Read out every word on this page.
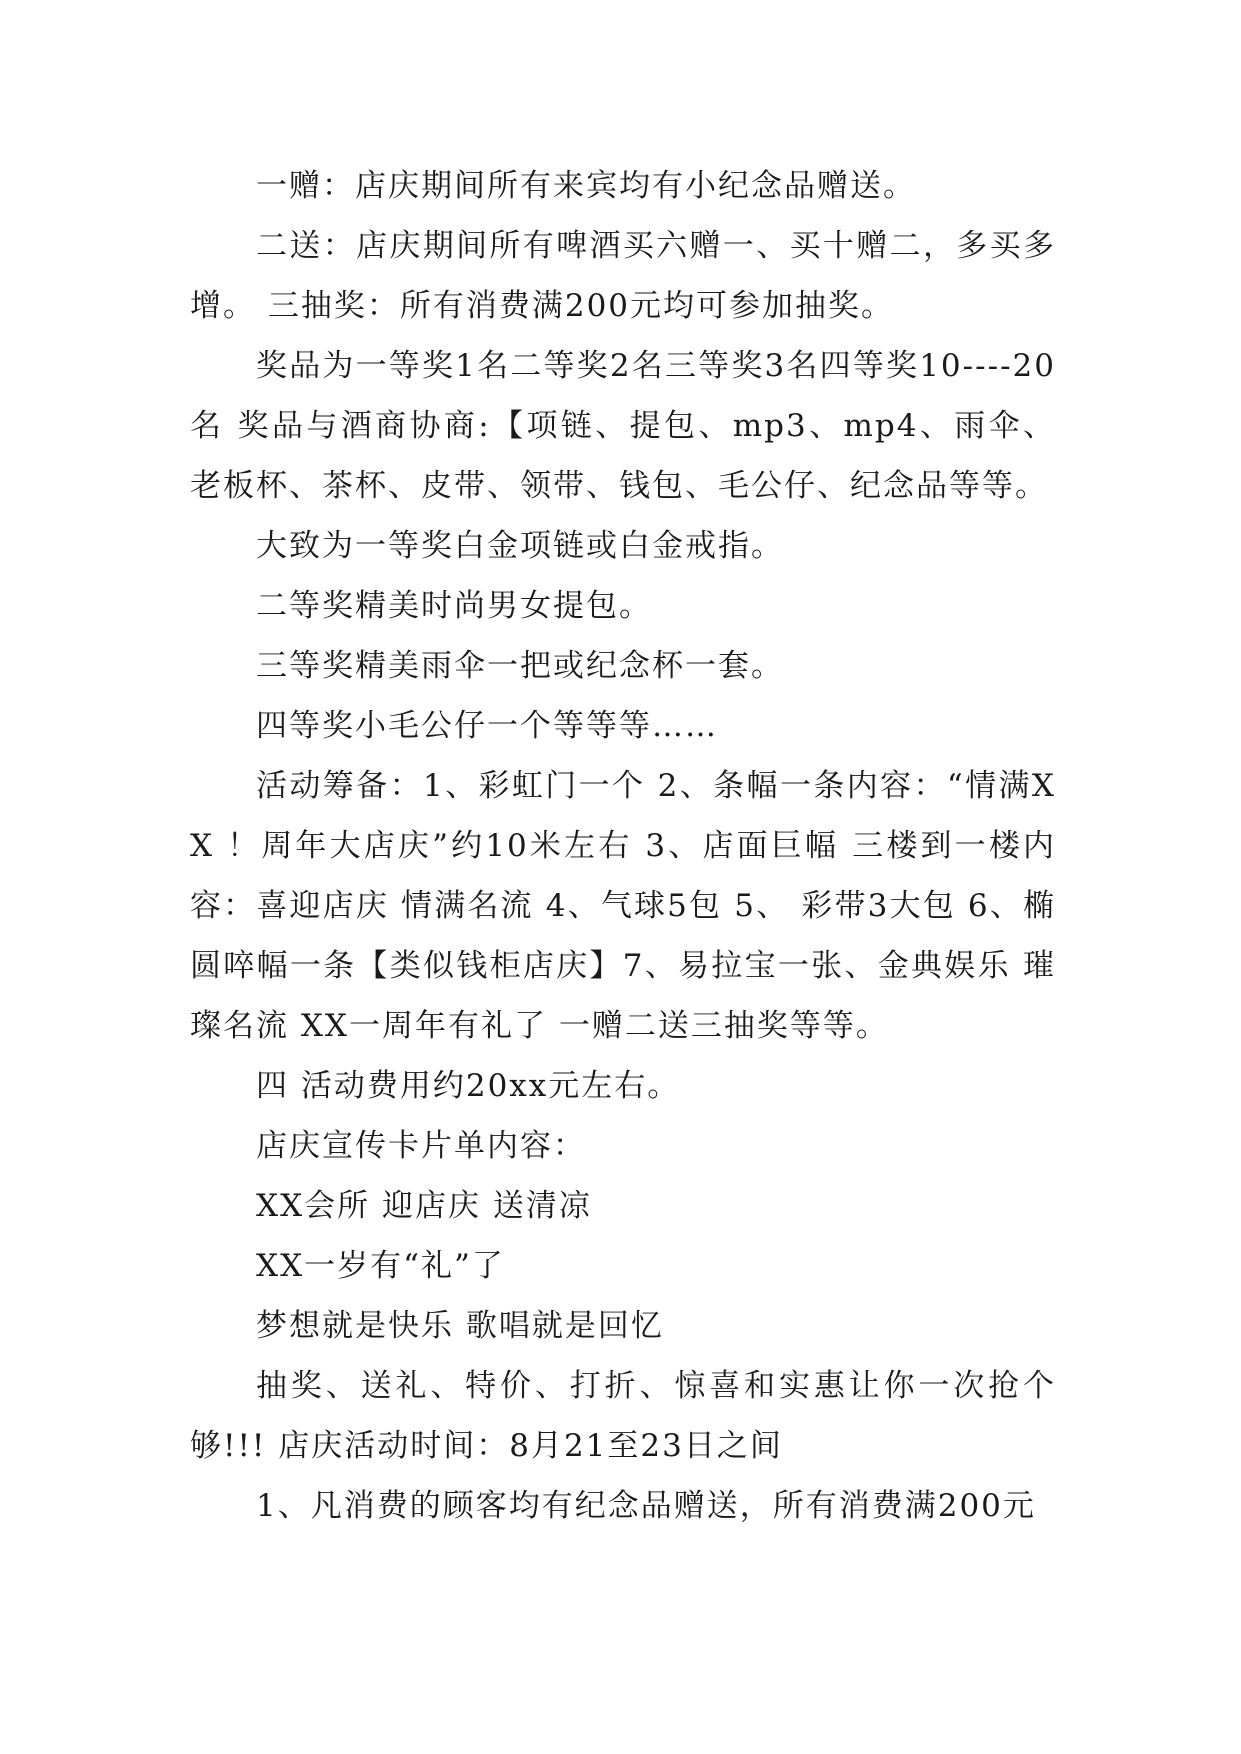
一赠：店庆期间所有来宾均有小纪念品赠送。

二送：店庆期间所有啤酒买六赠一、买十赠二，多买多增。 三抽奖：所有消费满200元均可参加抽奖。

奖品为一等奖1名二等奖2名三等奖3名四等奖10----20名 奖品与酒商协商:【项链、提包、mp3、mp4、雨伞、老板杯、茶杯、皮带、领带、钱包、毛公仔、纪念品等等。

大致为一等奖白金项链或白金戒指。

二等奖精美时尚男女提包。

三等奖精美雨伞一把或纪念杯一套。

四等奖小毛公仔一个等等等……

活动筹备：1、彩虹门一个 2、条幅一条内容：“情满XX ！周年大店庆”约10米左右 3、店面巨幅 三楼到一楼内容：喜迎店庆 情满名流 4、气球5包 5、 彩带3大包 6、椭圆啐幅一条【类似钱柜店庆】7、易拉宝一张、金典娱乐 璀璨名流 XX一周年有礼了 一赠二送三抽奖等等。

四 活动费用约20xx元左右。

店庆宣传卡片单内容：

XX会所 迎店庆 送清凉

XX一岁有“礼”了

梦想就是快乐 歌唱就是回忆

抽奖、送礼、特价、打折、惊喜和实惠让你一次抢个够!!! 店庆活动时间：8月21至23日之间

1、凡消费的顾客均有纪念品赠送，所有消费满200元
